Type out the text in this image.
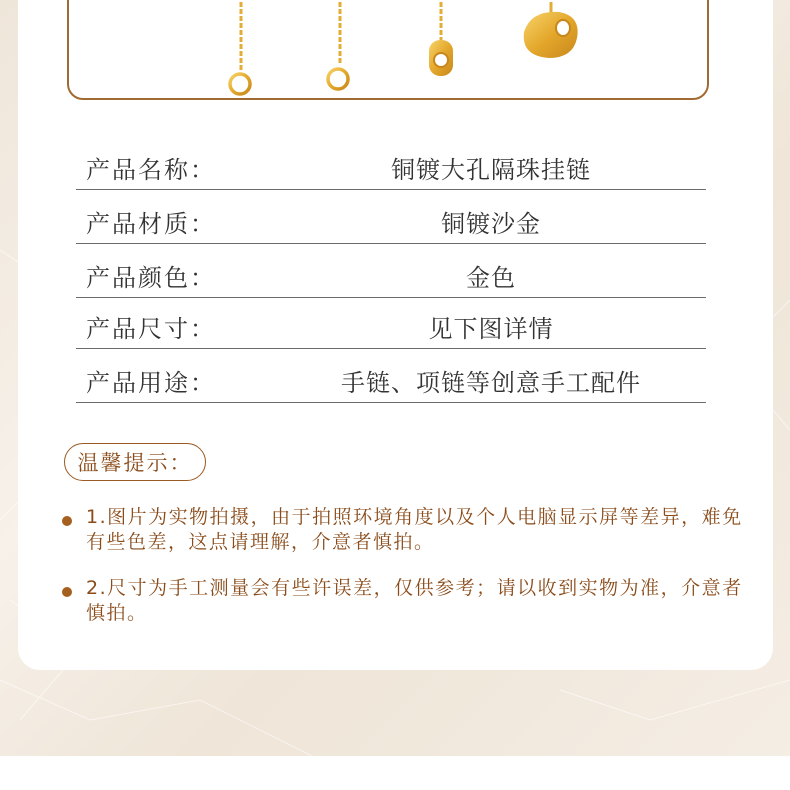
产品名称：	铜镀大孔隔珠挂链
产品材质：	铜镀沙金
产品颜色：	金色
产品尺寸：	见下图详情
产品用途：	手链、项链等创意手工配件
温馨提示：
1.图片为实物拍摄，由于拍照环境角度以及个人电脑显示屏等差异，难免有些色差，这点请理解，介意者慎拍。
2.尺寸为手工测量会有些许误差，仅供参考；请以收到实物为准，介意者慎拍。
